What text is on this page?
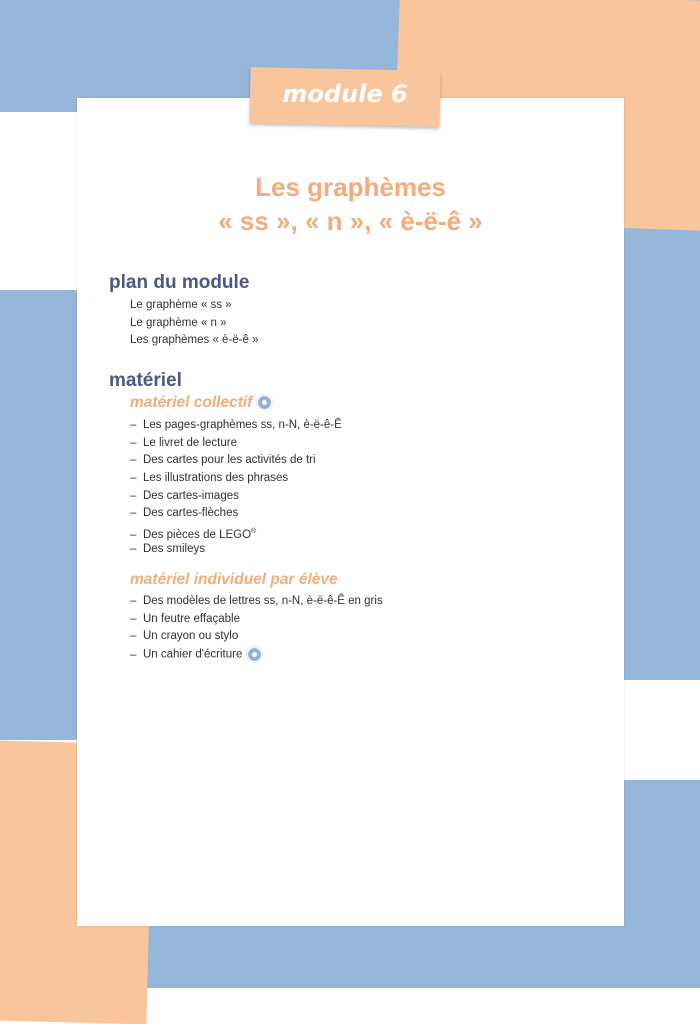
module 6
Les graphèmes
« ss », « n », « è-ë-ê »
plan du module
Le graphème « ss »
Le graphème « n »
Les graphèmes « è-ë-ê »
matériel
matériel collectif
– Les pages-graphèmes ss, n-N, è-ë-ê-Ê
– Le livret de lecture
– Des cartes pour les activités de tri
– Les illustrations des phrases
– Des cartes-images
– Des cartes-flèches
– Des pièces de LEGO®
– Des smileys
matériel individuel par élève
– Des modèles de lettres ss, n-N, è-ë-ê-Ê en gris
– Un feutre effaçable
– Un crayon ou stylo
– Un cahier d'écriture
